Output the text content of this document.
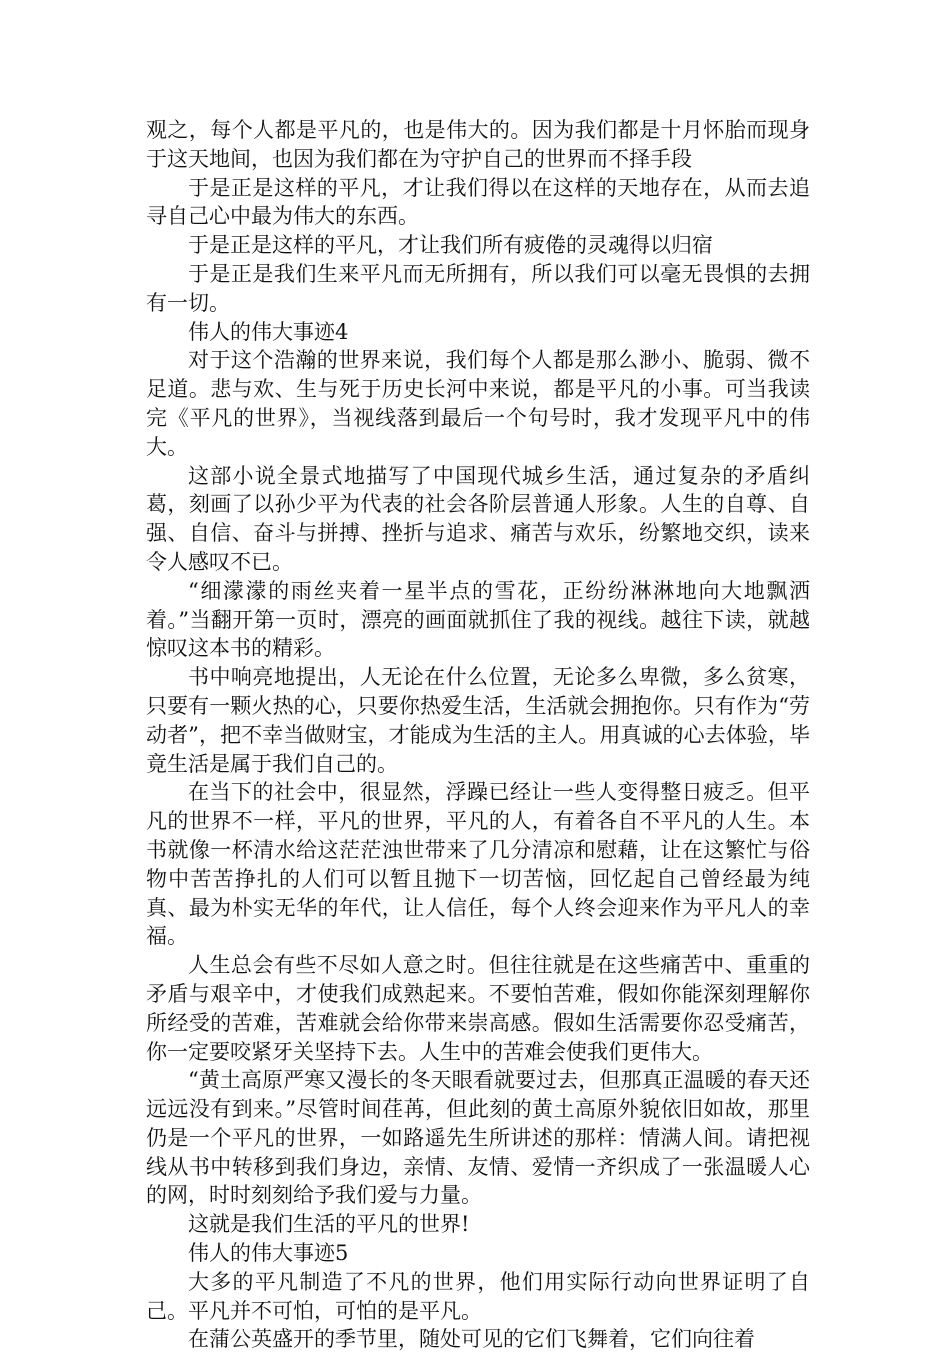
观之，每个人都是平凡的，也是伟大的。因为我们都是十月怀胎而现身于这天地间，也因为我们都在为守护自己的世界而不择手段

于是正是这样的平凡，才让我们得以在这样的天地存在，从而去追寻自己心中最为伟大的东西。

于是正是这样的平凡，才让我们所有疲倦的灵魂得以归宿

于是正是我们生来平凡而无所拥有，所以我们可以毫无畏惧的去拥有一切。

伟人的伟大事迹4

对于这个浩瀚的世界来说，我们每个人都是那么渺小、脆弱、微不足道。悲与欢、生与死于历史长河中来说，都是平凡的小事。可当我读完《平凡的世界》，当视线落到最后一个句号时，我才发现平凡中的伟大。

这部小说全景式地描写了中国现代城乡生活，通过复杂的矛盾纠葛，刻画了以孙少平为代表的社会各阶层普通人形象。人生的自尊、自强、自信、奋斗与拼搏、挫折与追求、痛苦与欢乐，纷繁地交织，读来令人感叹不已。

“细濛濛的雨丝夹着一星半点的雪花，正纷纷淋淋地向大地飘洒着。”当翻开第一页时，漂亮的画面就抓住了我的视线。越往下读，就越惊叹这本书的精彩。

书中响亮地提出，人无论在什么位置，无论多么卑微，多么贫寒，只要有一颗火热的心，只要你热爱生活，生活就会拥抱你。只有作为“劳动者”，把不幸当做财宝，才能成为生活的主人。用真诚的心去体验，毕竟生活是属于我们自己的。

在当下的社会中，很显然，浮躁已经让一些人变得整日疲乏。但平凡的世界不一样，平凡的世界，平凡的人，有着各自不平凡的人生。本书就像一杯清水给这茫茫浊世带来了几分清凉和慰藉，让在这繁忙与俗物中苦苦挣扎的人们可以暂且抛下一切苦恼，回忆起自己曾经最为纯真、最为朴实无华的年代，让人信任，每个人终会迎来作为平凡人的幸福。

人生总会有些不尽如人意之时。但往往就是在这些痛苦中、重重的矛盾与艰辛中，才使我们成熟起来。不要怕苦难，假如你能深刻理解你所经受的苦难，苦难就会给你带来崇高感。假如生活需要你忍受痛苦，你一定要咬紧牙关坚持下去。人生中的苦难会使我们更伟大。

“黄土高原严寒又漫长的冬天眼看就要过去，但那真正温暖的春天还远远没有到来。”尽管时间荏苒，但此刻的黄土高原外貌依旧如故，那里仍是一个平凡的世界，一如路遥先生所讲述的那样：情满人间。请把视线从书中转移到我们身边，亲情、友情、爱情一齐织成了一张温暖人心的网，时时刻刻给予我们爱与力量。

这就是我们生活的平凡的世界!

伟人的伟大事迹5

大多的平凡制造了不凡的世界，他们用实际行动向世界证明了自己。平凡并不可怕，可怕的是平凡。

在蒲公英盛开的季节里，随处可见的它们飞舞着，它们向往着
